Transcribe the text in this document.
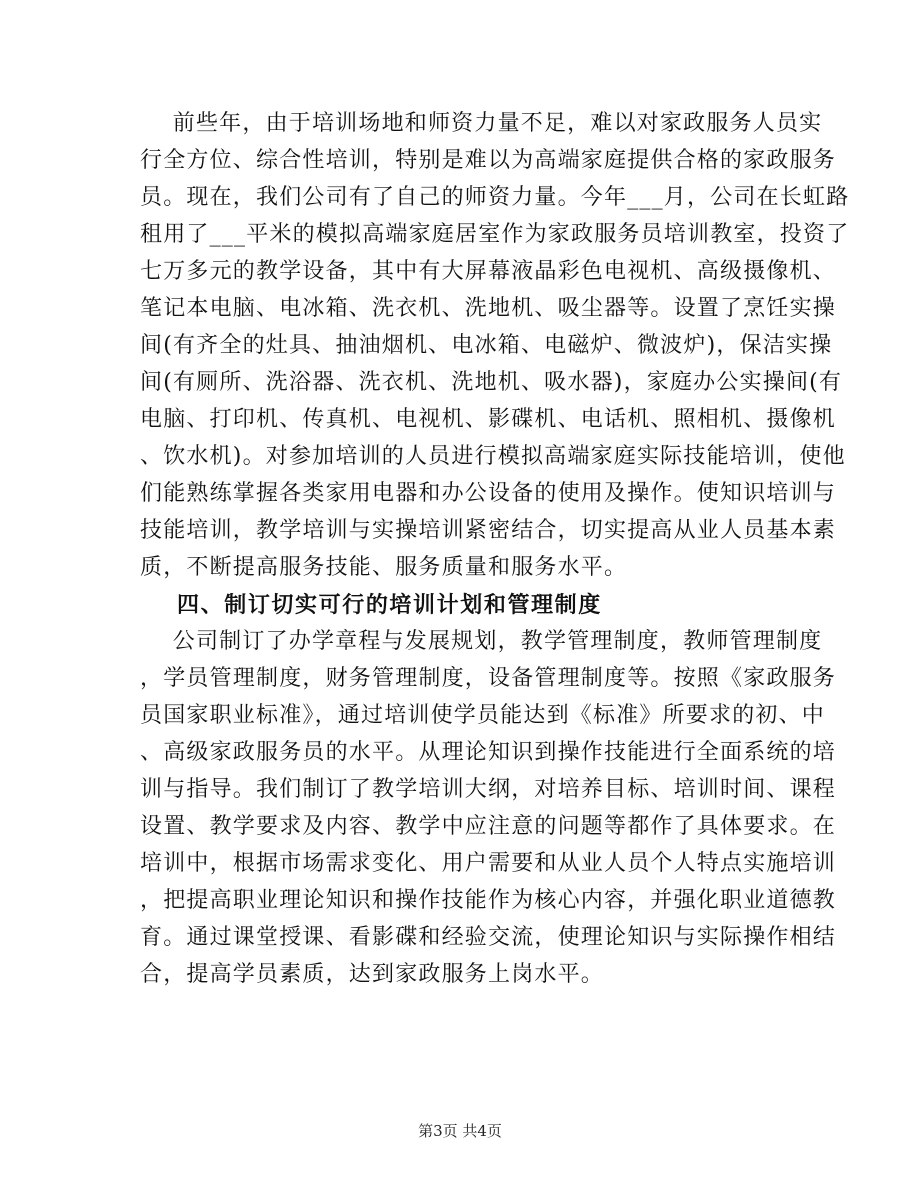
前些年，由于培训场地和师资力量不足，难以对家政服务人员实
行全方位、综合性培训，特别是难以为高端家庭提供合格的家政服务
员。现在，我们公司有了自己的师资力量。今年___月，公司在长虹路
租用了___平米的模拟高端家庭居室作为家政服务员培训教室，投资了
七万多元的教学设备，其中有大屏幕液晶彩色电视机、高级摄像机、
笔记本电脑、电冰箱、洗衣机、洗地机、吸尘器等。设置了烹饪实操
间(有齐全的灶具、抽油烟机、电冰箱、电磁炉、微波炉)，保洁实操
间(有厕所、洗浴器、洗衣机、洗地机、吸水器)，家庭办公实操间(有
电脑、打印机、传真机、电视机、影碟机、电话机、照相机、摄像机
、饮水机)。对参加培训的人员进行模拟高端家庭实际技能培训，使他
们能熟练掌握各类家用电器和办公设备的使用及操作。使知识培训与
技能培训，教学培训与实操培训紧密结合，切实提高从业人员基本素
质，不断提高服务技能、服务质量和服务水平。
四、制订切实可行的培训计划和管理制度
公司制订了办学章程与发展规划，教学管理制度，教师管理制度
，学员管理制度，财务管理制度，设备管理制度等。按照《家政服务
员国家职业标准》，通过培训使学员能达到《标准》所要求的初、中
、高级家政服务员的水平。从理论知识到操作技能进行全面系统的培
训与指导。我们制订了教学培训大纲，对培养目标、培训时间、课程
设置、教学要求及内容、教学中应注意的问题等都作了具体要求。在
培训中，根据市场需求变化、用户需要和从业人员个人特点实施培训
，把提高职业理论知识和操作技能作为核心内容，并强化职业道德教
育。通过课堂授课、看影碟和经验交流，使理论知识与实际操作相结
合，提高学员素质，达到家政服务上岗水平。
第3页 共4页
